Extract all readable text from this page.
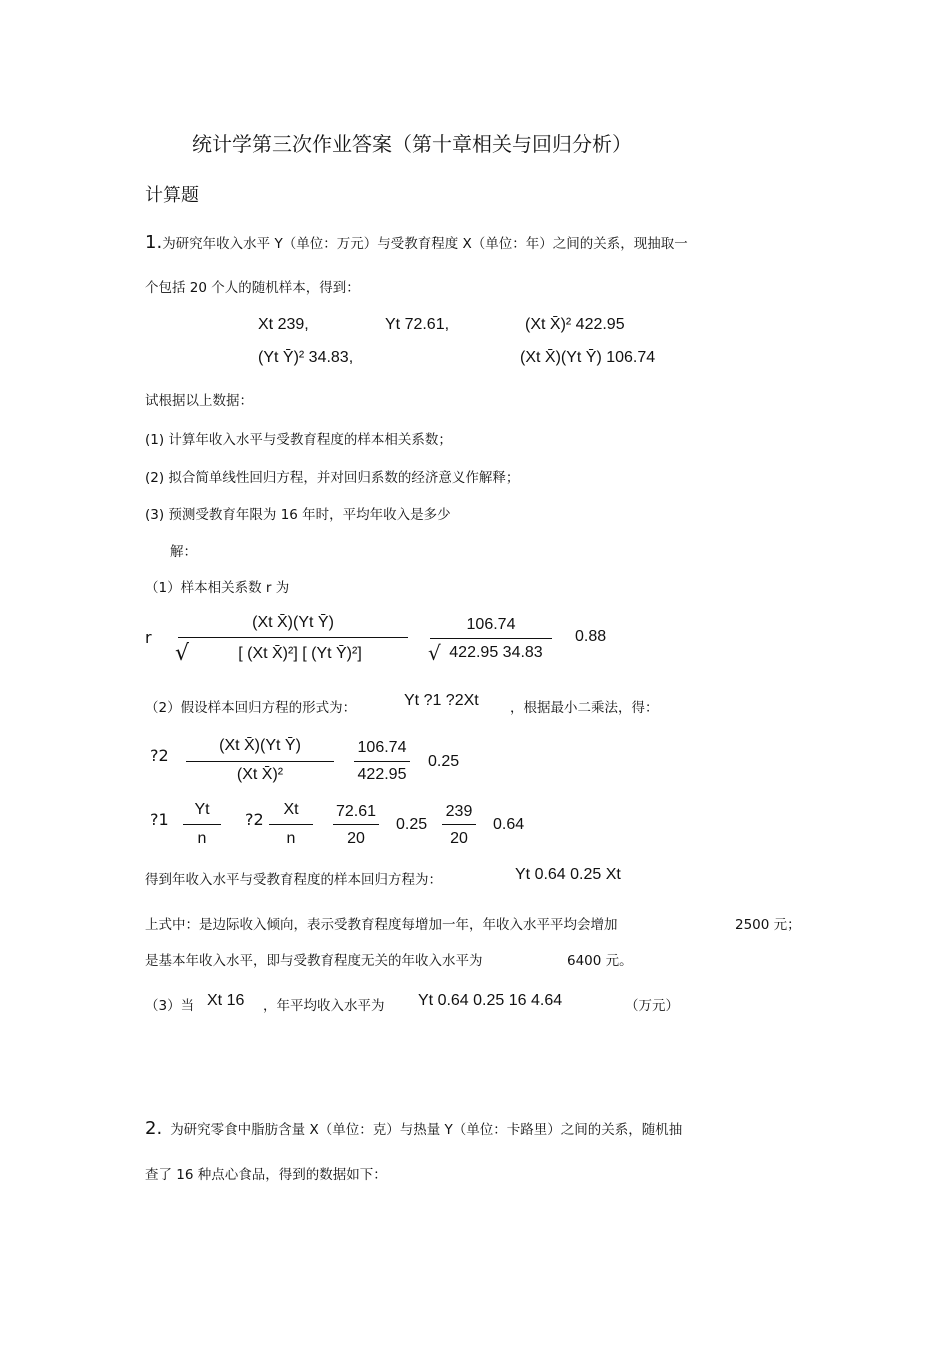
统计学第三次作业答案（第十章相关与回归分析）
计算题
1.为研究年收入水平 Y（单位：万元）与受教育程度 X（单位：年）之间的关系，现抽取一
个包括 20 个人的随机样本，得到：
Xt 239,	Yt 72.61,	(Xt X̄)² 422.95
(Yt Ȳ)² 34.83,	(Xt X̄)(Yt Ȳ) 106.74
试根据以上数据：
(1) 计算年收入水平与受教育程度的样本相关系数；
(2) 拟合简单线性回归方程，并对回归系数的经济意义作解释；
(3) 预测受教育年限为 16 年时，平均年收入是多少
解：
（1）样本相关系数 r 为
r
(Xt X̄)(Yt Ȳ)
√	[ (Xt X̄)²] [ (Yt Ȳ)²]
106.74
√ 422.95 34.83
0.88
（2）假设样本回归方程的形式为：	Yt ?1 ?2Xt ，根据最小二乘法，得：
?2
(Xt X̄)(Yt Ȳ)
(Xt X̄)²
106.74
422.95
0.25
?1
Yt
n
?2
Xt
n
72.61
20
0.25
239
20
0.64
得到年收入水平与受教育程度的样本回归方程为：	Yt 0.64 0.25 Xt
上式中：是边际收入倾向，表示受教育程度每增加一年，年收入水平平均会增加	2500 元；
是基本年收入水平，即与受教育程度无关的年收入水平为	6400 元。
（3）当 Xt 16 ，年平均收入水平为 Yt 0.64 0.25 16 4.64	（万元）
2. 为研究零食中脂肪含量 X（单位：克）与热量 Y（单位：卡路里）之间的关系，随机抽
查了 16 种点心食品，得到的数据如下：
